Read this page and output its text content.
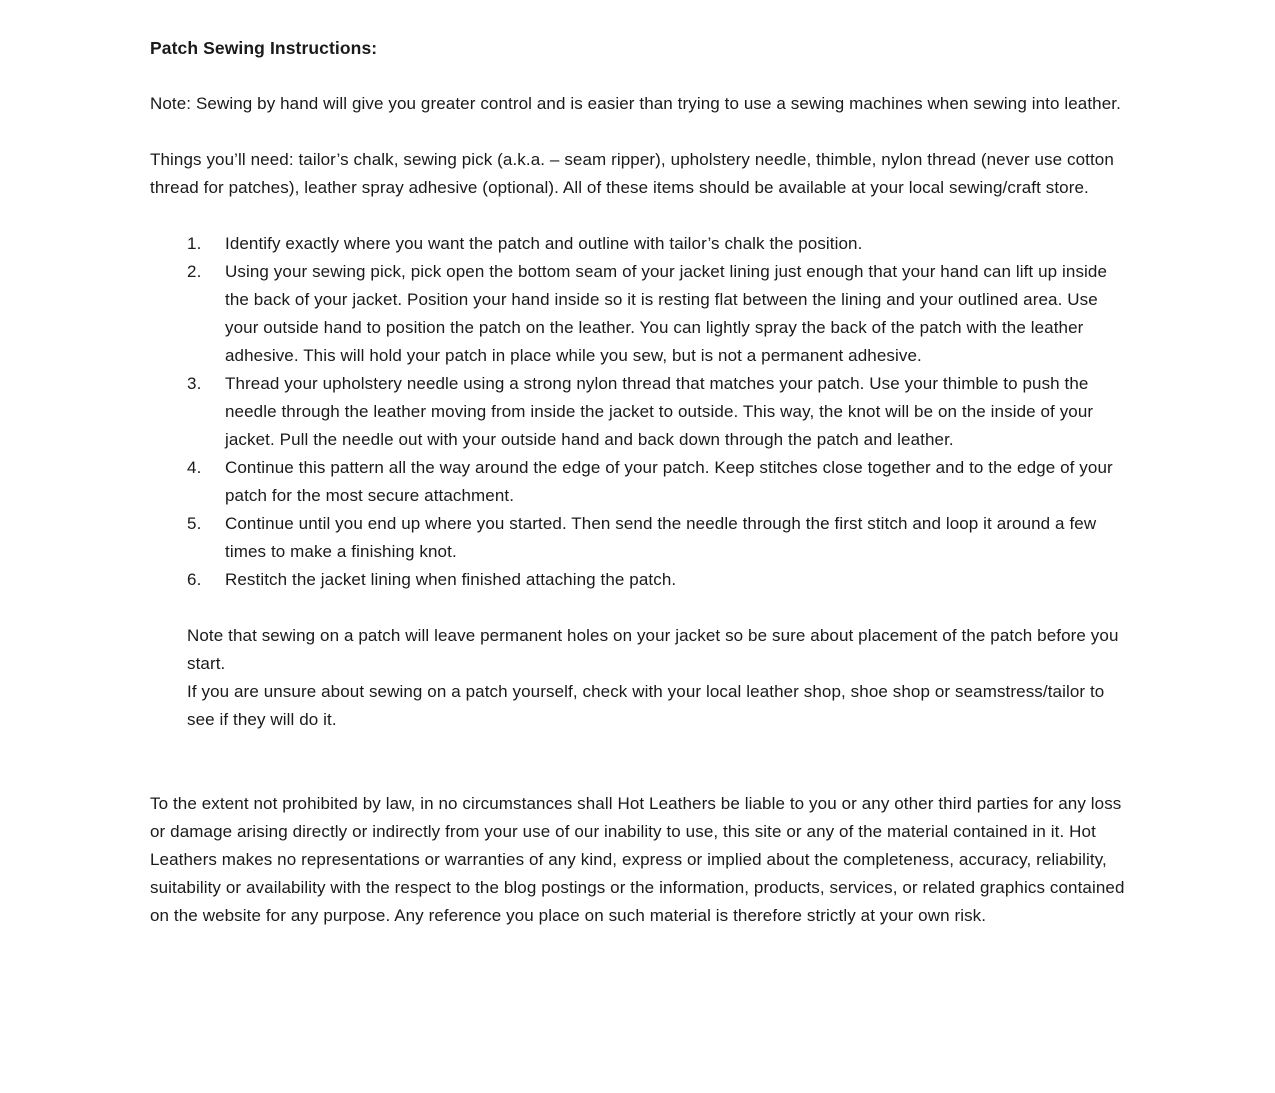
Patch Sewing Instructions:

Note: Sewing by hand will give you greater control and is easier than trying to use a sewing machines when sewing into leather.

Things you’ll need: tailor’s chalk, sewing pick (a.k.a. – seam ripper), upholstery needle, thimble, nylon thread (never use cotton thread for patches), leather spray adhesive (optional). All of these items should be available at your local sewing/craft store.

Identify exactly where you want the patch and outline with tailor’s chalk the position.
Using your sewing pick, pick open the bottom seam of your jacket lining just enough that your hand can lift up inside the back of your jacket. Position your hand inside so it is resting flat between the lining and your outlined area. Use your outside hand to position the patch on the leather. You can lightly spray the back of the patch with the leather adhesive. This will hold your patch in place while you sew, but is not a permanent adhesive.
Thread your upholstery needle using a strong nylon thread that matches your patch. Use your thimble to push the needle through the leather moving from inside the jacket to outside. This way, the knot will be on the inside of your jacket. Pull the needle out with your outside hand and back down through the patch and leather.
Continue this pattern all the way around the edge of your patch. Keep stitches close together and to the edge of your patch for the most secure attachment.
Continue until you end up where you started. Then send the needle through the first stitch and loop it around a few times to make a finishing knot.
Restitch the jacket lining when finished attaching the patch.

Note that sewing on a patch will leave permanent holes on your jacket so be sure about placement of the patch before you start.

If you are unsure about sewing on a patch yourself, check with your local leather shop, shoe shop or seamstress/tailor to see if they will do it.

To the extent not prohibited by law, in no circumstances shall Hot Leathers be liable to you or any other third parties for any loss or damage arising directly or indirectly from your use of our inability to use, this site or any of the material contained in it. Hot Leathers makes no representations or warranties of any kind, express or implied about the completeness, accuracy, reliability, suitability or availability with the respect to the blog postings or the information, products, services, or related graphics contained on the website for any purpose. Any reference you place on such material is therefore strictly at your own risk.
